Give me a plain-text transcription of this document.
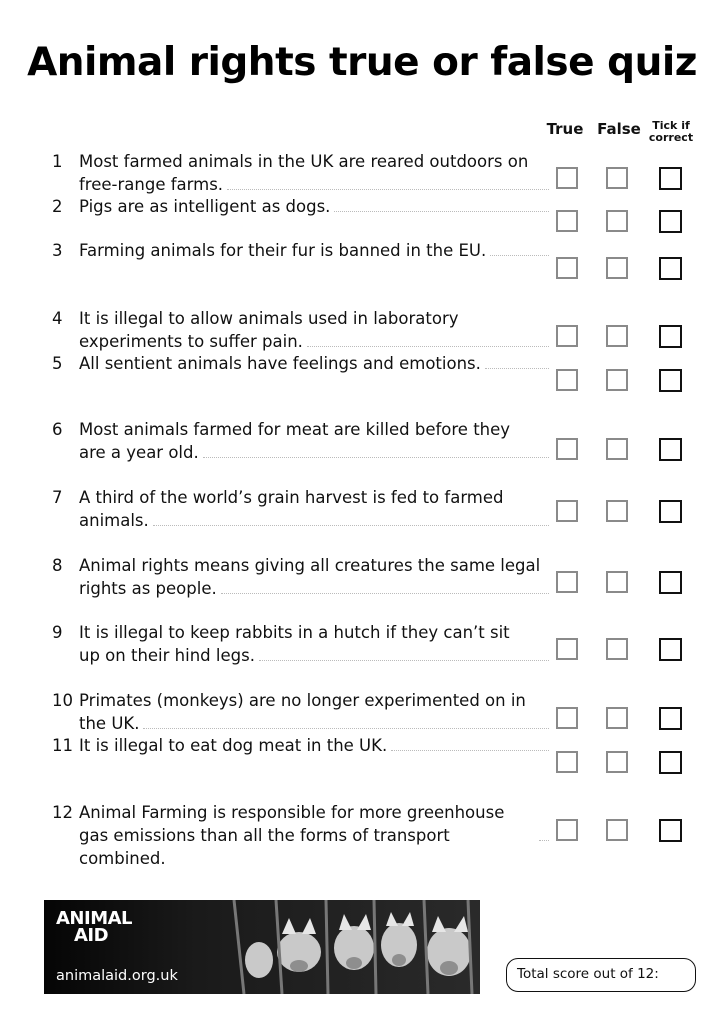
Animal rights true or false quiz
True False	Tick if
correct
1 Most farmed animals in the UK are reared outdoors on
free-range farms.
2 Pigs are as intelligent as dogs.
3 Farming animals for their fur is banned in the EU.
4 It is illegal to allow animals used in laboratory
experiments to suffer pain.
5 All sentient animals have feelings and emotions.
6 Most animals farmed for meat are killed before they
are a year old.
7 A third of the world’s grain harvest is fed to farmed
animals.
8 Animal rights means giving all creatures the same legal
rights as people.
9 It is illegal to keep rabbits in a hutch if they can’t sit
up on their hind legs.
10 Primates (monkeys) are no longer experimented on in
the UK.
11 It is illegal to eat dog meat in the UK.
12 Animal Farming is responsible for more greenhouse
gas emissions than all the forms of transport combined.
ANIMAL
AID
animalaid.org.uk	Total score out of 12:
